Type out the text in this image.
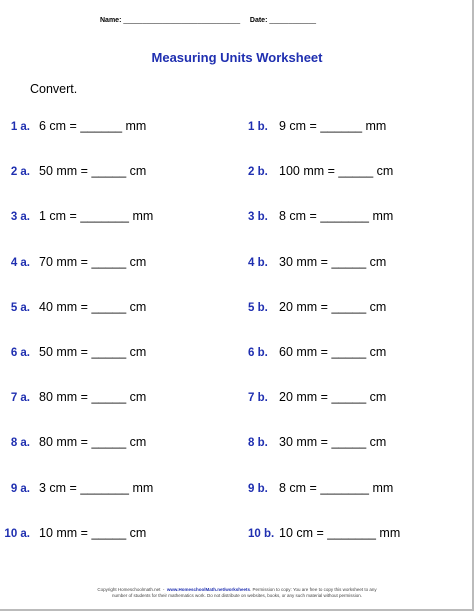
Name: ______________________________ Date: ____________
Measuring Units Worksheet
Convert.
1 a. 6 cm = ______ mm
2 a. 50 mm = _____ cm
3 a. 1 cm = _______ mm
4 a. 70 mm = _____ cm
5 a. 40 mm = _____ cm
6 a. 50 mm = _____ cm
7 a. 80 mm = _____ cm
8 a. 80 mm = _____ cm
9 a. 3 cm = _______ mm
10 a. 10 mm = _____ cm
1 b. 9 cm = ______ mm
2 b. 100 mm = _____ cm
3 b. 8 cm = _______ mm
4 b. 30 mm = _____ cm
5 b. 20 mm = _____ cm
6 b. 60 mm = _____ cm
7 b. 20 mm = _____ cm
8 b. 30 mm = _____ cm
9 b. 8 cm = _______ mm
10 b. 10 cm = _______ mm
Copyright Homeschoolmath.net  -  www.HomeschoolMath.net/worksheets. Permission to copy: You are free to copy this worksheet to any
number of students for their mathematics work. Do not distribute on websites, books, or any such material without permission.
